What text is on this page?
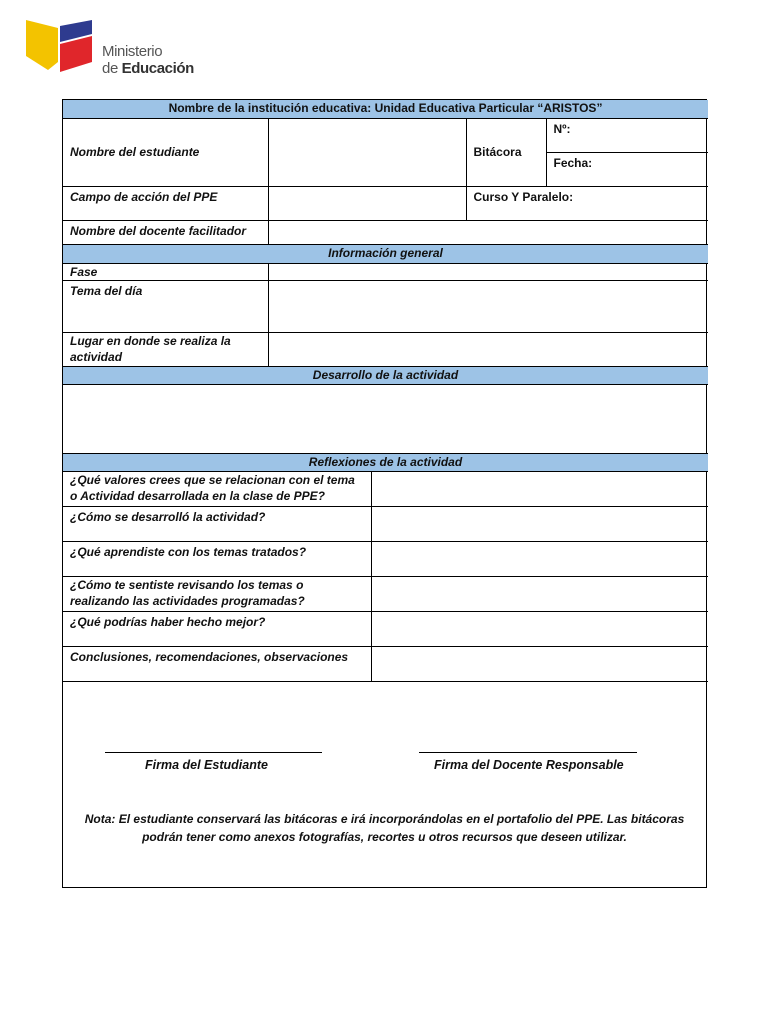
Ministerio
de Educación
Nombre de la institución educativa: Unidad Educativa Particular “ARISTOS”			
Nombre del estudiante		Bitácora	Nº:
			Fecha:
Campo de acción del PPE		Curso Y Paralelo:	
Nombre del docente facilitador			
Información general			
Fase			
Tema del día			
Lugar en donde se realiza la actividad			
Desarrollo de la actividad			

Reflexiones de la actividad			
¿Qué valores crees que se relacionan con el tema o Actividad desarrollada en la clase de PPE?	
¿Cómo se desarrolló la actividad?	
¿Qué aprendiste con los temas tratados?	
¿Cómo te sentiste revisando los temas o realizando las actividades programadas?	
¿Qué podrías haber hecho mejor?	
Conclusiones, recomendaciones, observaciones	
Firma del Estudiante	Firma del Docente Responsable
Nota: El estudiante conservará las bitácoras e irá incorporándolas en el portafolio del PPE. Las bitácoras podrán tener como anexos fotografías, recortes u otros recursos que deseen utilizar.
